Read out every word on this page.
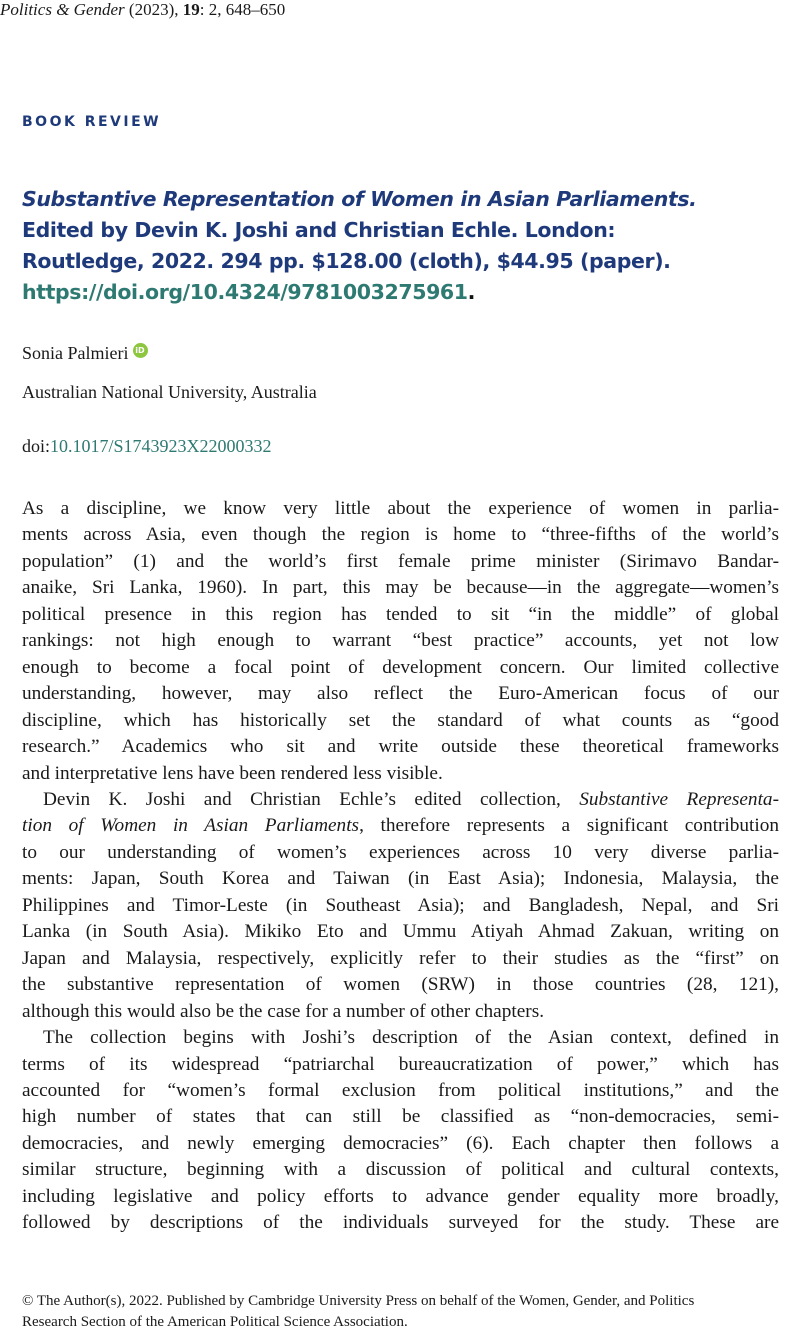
Politics & Gender (2023), 19: 2, 648–650
BOOK REVIEW
Substantive Representation of Women in Asian Parliaments.
Edited by Devin K. Joshi and Christian Echle. London:
Routledge, 2022. 294 pp. $128.00 (cloth), $44.95 (paper).
https://doi.org/10.4324/9781003275961.
Sonia Palmieri iD
Australian National University, Australia
doi:10.1017/S1743923X22000332
As a discipline, we know very little about the experience of women in parlia-
ments across Asia, even though the region is home to “three-fifths of the world’s
population” (1) and the world’s first female prime minister (Sirimavo Bandar-
anaike, Sri Lanka, 1960). In part, this may be because—in the aggregate—women’s
political presence in this region has tended to sit “in the middle” of global
rankings: not high enough to warrant “best practice” accounts, yet not low
enough to become a focal point of development concern. Our limited collective
understanding, however, may also reflect the Euro-American focus of our
discipline, which has historically set the standard of what counts as “good
research.” Academics who sit and write outside these theoretical frameworks
and interpretative lens have been rendered less visible.
Devin K. Joshi and Christian Echle’s edited collection, Substantive Representa-
tion of Women in Asian Parliaments, therefore represents a significant contribution
to our understanding of women’s experiences across 10 very diverse parlia-
ments: Japan, South Korea and Taiwan (in East Asia); Indonesia, Malaysia, the
Philippines and Timor-Leste (in Southeast Asia); and Bangladesh, Nepal, and Sri
Lanka (in South Asia). Mikiko Eto and Ummu Atiyah Ahmad Zakuan, writing on
Japan and Malaysia, respectively, explicitly refer to their studies as the “first” on
the substantive representation of women (SRW) in those countries (28, 121),
although this would also be the case for a number of other chapters.
The collection begins with Joshi’s description of the Asian context, defined in
terms of its widespread “patriarchal bureaucratization of power,” which has
accounted for “women’s formal exclusion from political institutions,” and the
high number of states that can still be classified as “non-democracies, semi-
democracies, and newly emerging democracies” (6). Each chapter then follows a
similar structure, beginning with a discussion of political and cultural contexts,
including legislative and policy efforts to advance gender equality more broadly,
followed by descriptions of the individuals surveyed for the study. These are
© The Author(s), 2022. Published by Cambridge University Press on behalf of the Women, Gender, and Politics
Research Section of the American Political Science Association.
